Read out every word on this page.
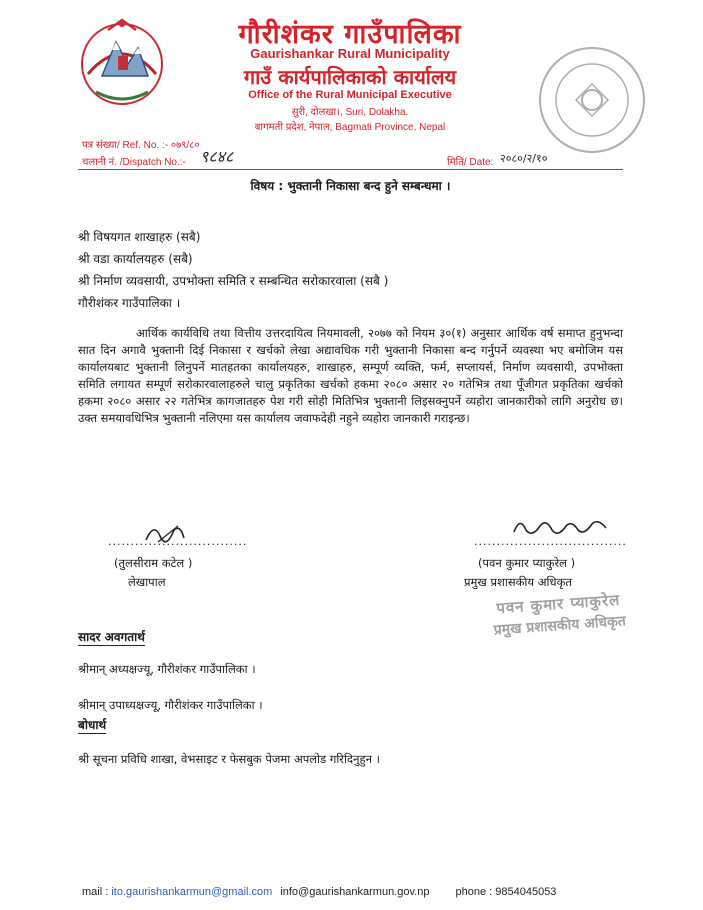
गौरीशंकर गाउँपालिका
Gaurishankar Rural Municipality
गाउँ कार्यपालिकाको कार्यालय
Office of the Rural Municipal Executive
सुरी, दोलखा।, Suri, Dolakha.
बागमती प्रदेश, नेपाल, Bagmati Province, Nepal
पत्र संख्या/ Ref. No. :- ०७९/८०
चलानी नं. /Dispatch No.:- ९८४८	मिति/ Date: २०८०/२/१०
विषय : भुक्तानी निकासा बन्द हुने सम्बन्धमा ।
श्री विषयगत शाखाहरु (सबै)
श्री वडा कार्यालयहरु (सबै)
श्री निर्माण व्यवसायी, उपभोक्ता समिति र सम्बन्धित सरोकारवाला (सबै )
गौरीशंकर गाउँपालिका ।
आर्थिक कार्यविधि तथा वित्तीय उत्तरदायित्व नियमावली, २०७७ को नियम ३०(१) अनुसार आर्थिक वर्ष समाप्त हुनुभन्दा सात दिन अगावै भुक्तानी दिई निकासा र खर्चको लेखा अद्यावधिक गरी भुक्तानी निकासा बन्द गर्नुपर्ने व्यवस्था भए बमोजिम यस कार्यालयबाट भुक्तानी लिनुपर्ने मातहतका कार्यालयहरु, शाखाहरु, सम्पूर्ण व्यक्ति, फर्म, सप्लायर्स, निर्माण व्यवसायी, उपभोक्ता समिति लगायत सम्पूर्ण सरोकारवालाहरुले चालु प्रकृतिका खर्चको हकमा २०८० असार २० गतेभित्र तथा पूँजीगत प्रकृतिका खर्चको हकमा २०८० असार २२ गतेभित्र कागजातहरु पेश गरी सोही मितिभित्र भुक्तानी लिइसक्नुपर्ने व्यहोरा जानकारीको लागि अनुरोध छ। उक्त समयावधिभित्र भुक्तानी नलिएमा यस कार्यालय जवाफदेही नहुने व्यहोरा जानकारी गराइन्छ।
...............................
(तुलसीराम कटेल )
लेखापाल
..................................
(पवन कुमार प्याकुरेल )
प्रमुख प्रशासकीय अधिकृत
पवन कुमार प्याकुरेल
प्रमुख प्रशासकीय अधिकृत
सादर अवगतार्थ
श्रीमान् अध्यक्षज्यू, गौरीशंकर गाउँपालिका ।
श्रीमान् उपाध्यक्षज्यू, गौरीशंकर गाउँपालिका ।
बोधार्थ
श्री सूचना प्रविधि शाखा, वेभसाइट र फेसबुक पेजमा अपलोड गरिदिनुहुन ।
mail : ito.gaurishankarmun@gmail.com info@gaurishankarmun.gov.np phone : 9854045053
